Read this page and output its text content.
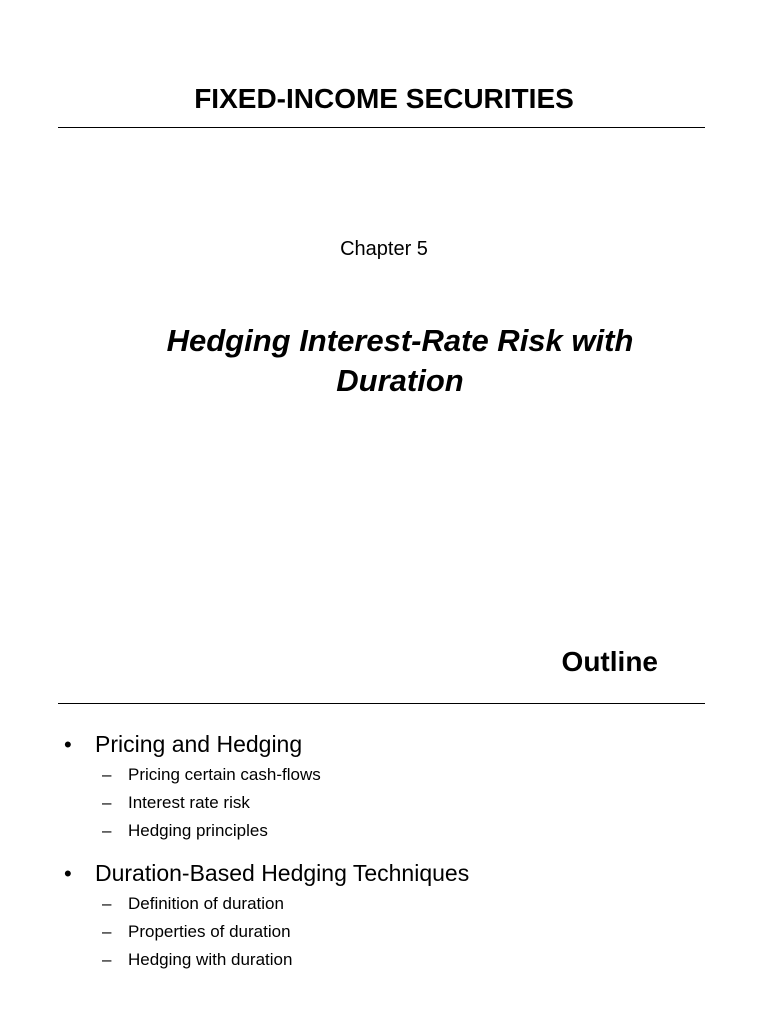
FIXED-INCOME SECURITIES
Chapter 5
Hedging Interest-Rate Risk with
Duration
Outline
•	Pricing and Hedging
– Pricing certain cash-flows
– Interest rate risk
– Hedging principles
•	Duration-Based Hedging Techniques
– Definition of duration
– Properties of duration
– Hedging with duration
